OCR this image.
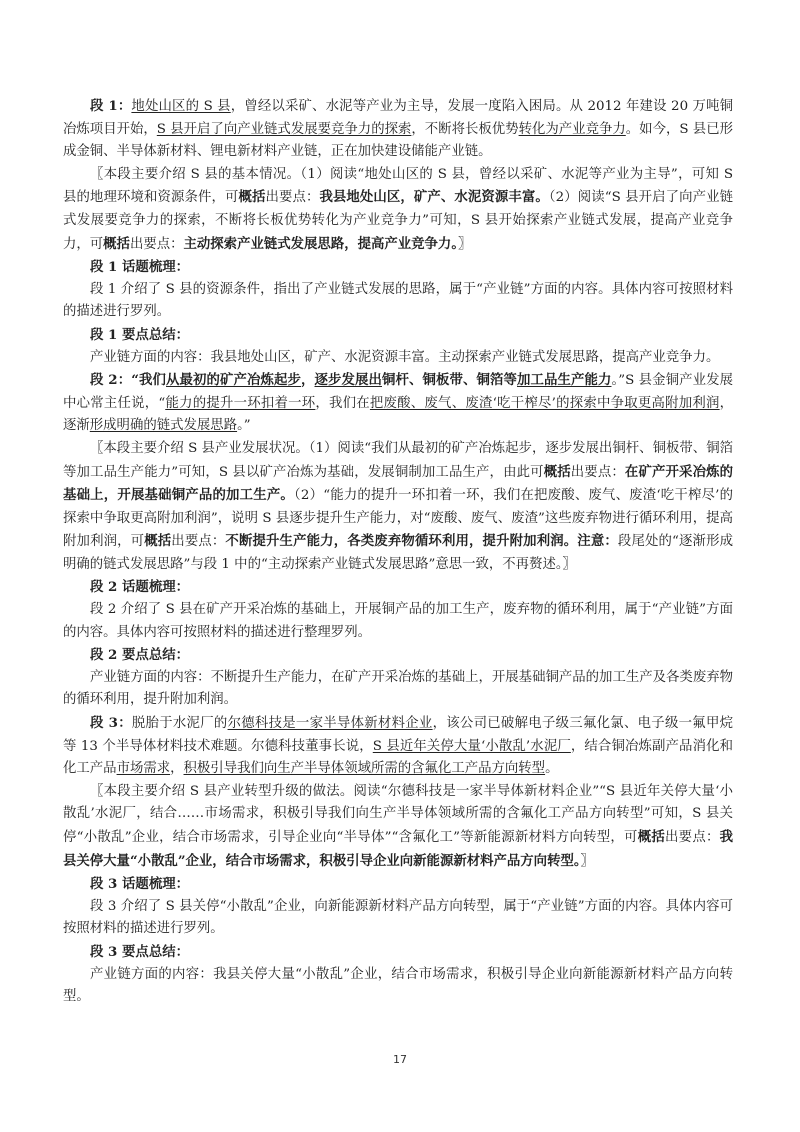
段 1：地处山区的 S 县，曾经以采矿、水泥等产业为主导，发展一度陷入困局。从 2012 年建设 20 万吨铜冶炼项目开始，S 县开启了向产业链式发展要竞争力的探索，不断将长板优势转化为产业竞争力。如今，S 县已形成金铜、半导体新材料、锂电新材料产业链，正在加快建设储能产业链。

〖本段主要介绍 S 县的基本情况。（1）阅读“地处山区的 S 县，曾经以采矿、水泥等产业为主导”，可知 S 县的地理环境和资源条件，可概括出要点：我县地处山区，矿产、水泥资源丰富。（2）阅读“S 县开启了向产业链式发展要竞争力的探索，不断将长板优势转化为产业竞争力”可知，S 县开始探索产业链式发展，提高产业竞争力，可概括出要点：主动探索产业链式发展思路，提高产业竞争力。〗

段 1 话题梳理：

段 1 介绍了 S 县的资源条件，指出了产业链式发展的思路，属于“产业链”方面的内容。具体内容可按照材料的描述进行罗列。

段 1 要点总结：

产业链方面的内容：我县地处山区，矿产、水泥资源丰富。主动探索产业链式发展思路，提高产业竞争力。

段 2：“我们从最初的矿产冶炼起步，逐步发展出铜杆、铜板带、铜箔等加工品生产能力。”S 县金铜产业发展中心常主任说，“能力的提升一环扣着一环，我们在把废酸、废气、废渣‘吃干榨尽’的探索中争取更高附加利润，逐渐形成明确的链式发展思路。”

〖本段主要介绍 S 县产业发展状况。（1）阅读“我们从最初的矿产冶炼起步，逐步发展出铜杆、铜板带、铜箔等加工品生产能力”可知，S 县以矿产冶炼为基础，发展铜制加工品生产，由此可概括出要点：在矿产开采冶炼的基础上，开展基础铜产品的加工生产。（2）“能力的提升一环扣着一环，我们在把废酸、废气、废渣‘吃干榨尽’的探索中争取更高附加利润”，说明 S 县逐步提升生产能力，对“废酸、废气、废渣”这些废弃物进行循环利用，提高附加利润，可概括出要点：不断提升生产能力，各类废弃物循环利用，提升附加利润。注意：段尾处的“逐渐形成明确的链式发展思路”与段 1 中的“主动探索产业链式发展思路”意思一致，不再赘述。〗

段 2 话题梳理：

段 2 介绍了 S 县在矿产开采冶炼的基础上，开展铜产品的加工生产，废弃物的循环利用，属于“产业链”方面的内容。具体内容可按照材料的描述进行整理罗列。

段 2 要点总结：

产业链方面的内容：不断提升生产能力，在矿产开采冶炼的基础上，开展基础铜产品的加工生产及各类废弃物的循环利用，提升附加利润。

段 3：脱胎于水泥厂的尔德科技是一家半导体新材料企业，该公司已破解电子级三氟化氯、电子级一氟甲烷等 13 个半导体材料技术难题。尔德科技董事长说，S 县近年关停大量‘小散乱’水泥厂，结合铜冶炼副产品消化和化工产品市场需求，积极引导我们向生产半导体领域所需的含氟化工产品方向转型。

〖本段主要介绍 S 县产业转型升级的做法。阅读“尔德科技是一家半导体新材料企业”“S 县近年关停大量‘小散乱’水泥厂，结合……市场需求，积极引导我们向生产半导体领域所需的含氟化工产品方向转型”可知，S 县关停“小散乱”企业，结合市场需求，引导企业向“半导体”“含氟化工”等新能源新材料方向转型，可概括出要点：我县关停大量“小散乱”企业，结合市场需求，积极引导企业向新能源新材料产品方向转型。〗

段 3 话题梳理：

段 3 介绍了 S 县关停“小散乱”企业，向新能源新材料产品方向转型，属于“产业链”方面的内容。具体内容可按照材料的描述进行罗列。

段 3 要点总结：

产业链方面的内容：我县关停大量“小散乱”企业，结合市场需求，积极引导企业向新能源新材料产品方向转型。

17
